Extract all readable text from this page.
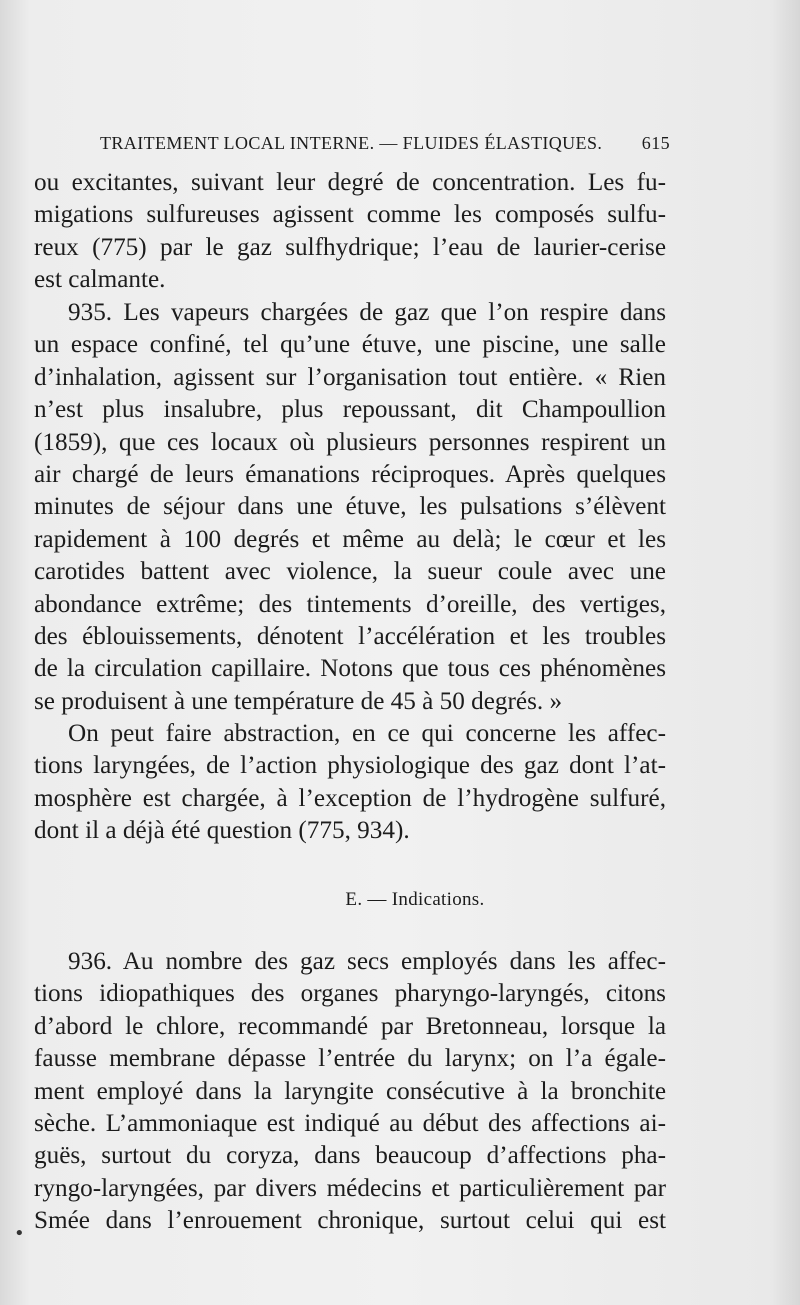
TRAITEMENT LOCAL INTERNE. — FLUIDES ÉLASTIQUES. 615
ou excitantes, suivant leur degré de concentration. Les fu-
migations sulfureuses agissent comme les composés sulfu-
reux (775) par le gaz sulfhydrique; l’eau de laurier-cerise
est calmante.
935. Les vapeurs chargées de gaz que l’on respire dans
un espace confiné, tel qu’une étuve, une piscine, une salle
d’inhalation, agissent sur l’organisation tout entière. « Rien
n’est plus insalubre, plus repoussant, dit Champoullion
(1859), que ces locaux où plusieurs personnes respirent un
air chargé de leurs émanations réciproques. Après quelques
minutes de séjour dans une étuve, les pulsations s’élèvent
rapidement à 100 degrés et même au delà; le cœur et les
carotides battent avec violence, la sueur coule avec une
abondance extrême; des tintements d’oreille, des vertiges,
des éblouissements, dénotent l’accélération et les troubles
de la circulation capillaire. Notons que tous ces phénomènes
se produisent à une température de 45 à 50 degrés. »
On peut faire abstraction, en ce qui concerne les affec-
tions laryngées, de l’action physiologique des gaz dont l’at-
mosphère est chargée, à l’exception de l’hydrogène sulfuré,
dont il a déjà été question (775, 934).
E. — Indications.
936. Au nombre des gaz secs employés dans les affec-
tions idiopathiques des organes pharyngo-laryngés, citons
d’abord le chlore, recommandé par Bretonneau, lorsque la
fausse membrane dépasse l’entrée du larynx; on l’a égale-
ment employé dans la laryngite consécutive à la bronchite
sèche. L’ammoniaque est indiqué au début des affections ai-
guës, surtout du coryza, dans beaucoup d’affections pha-
ryngo-laryngées, par divers médecins et particulièrement par
Smée dans l’enrouement chronique, surtout celui qui est
•
